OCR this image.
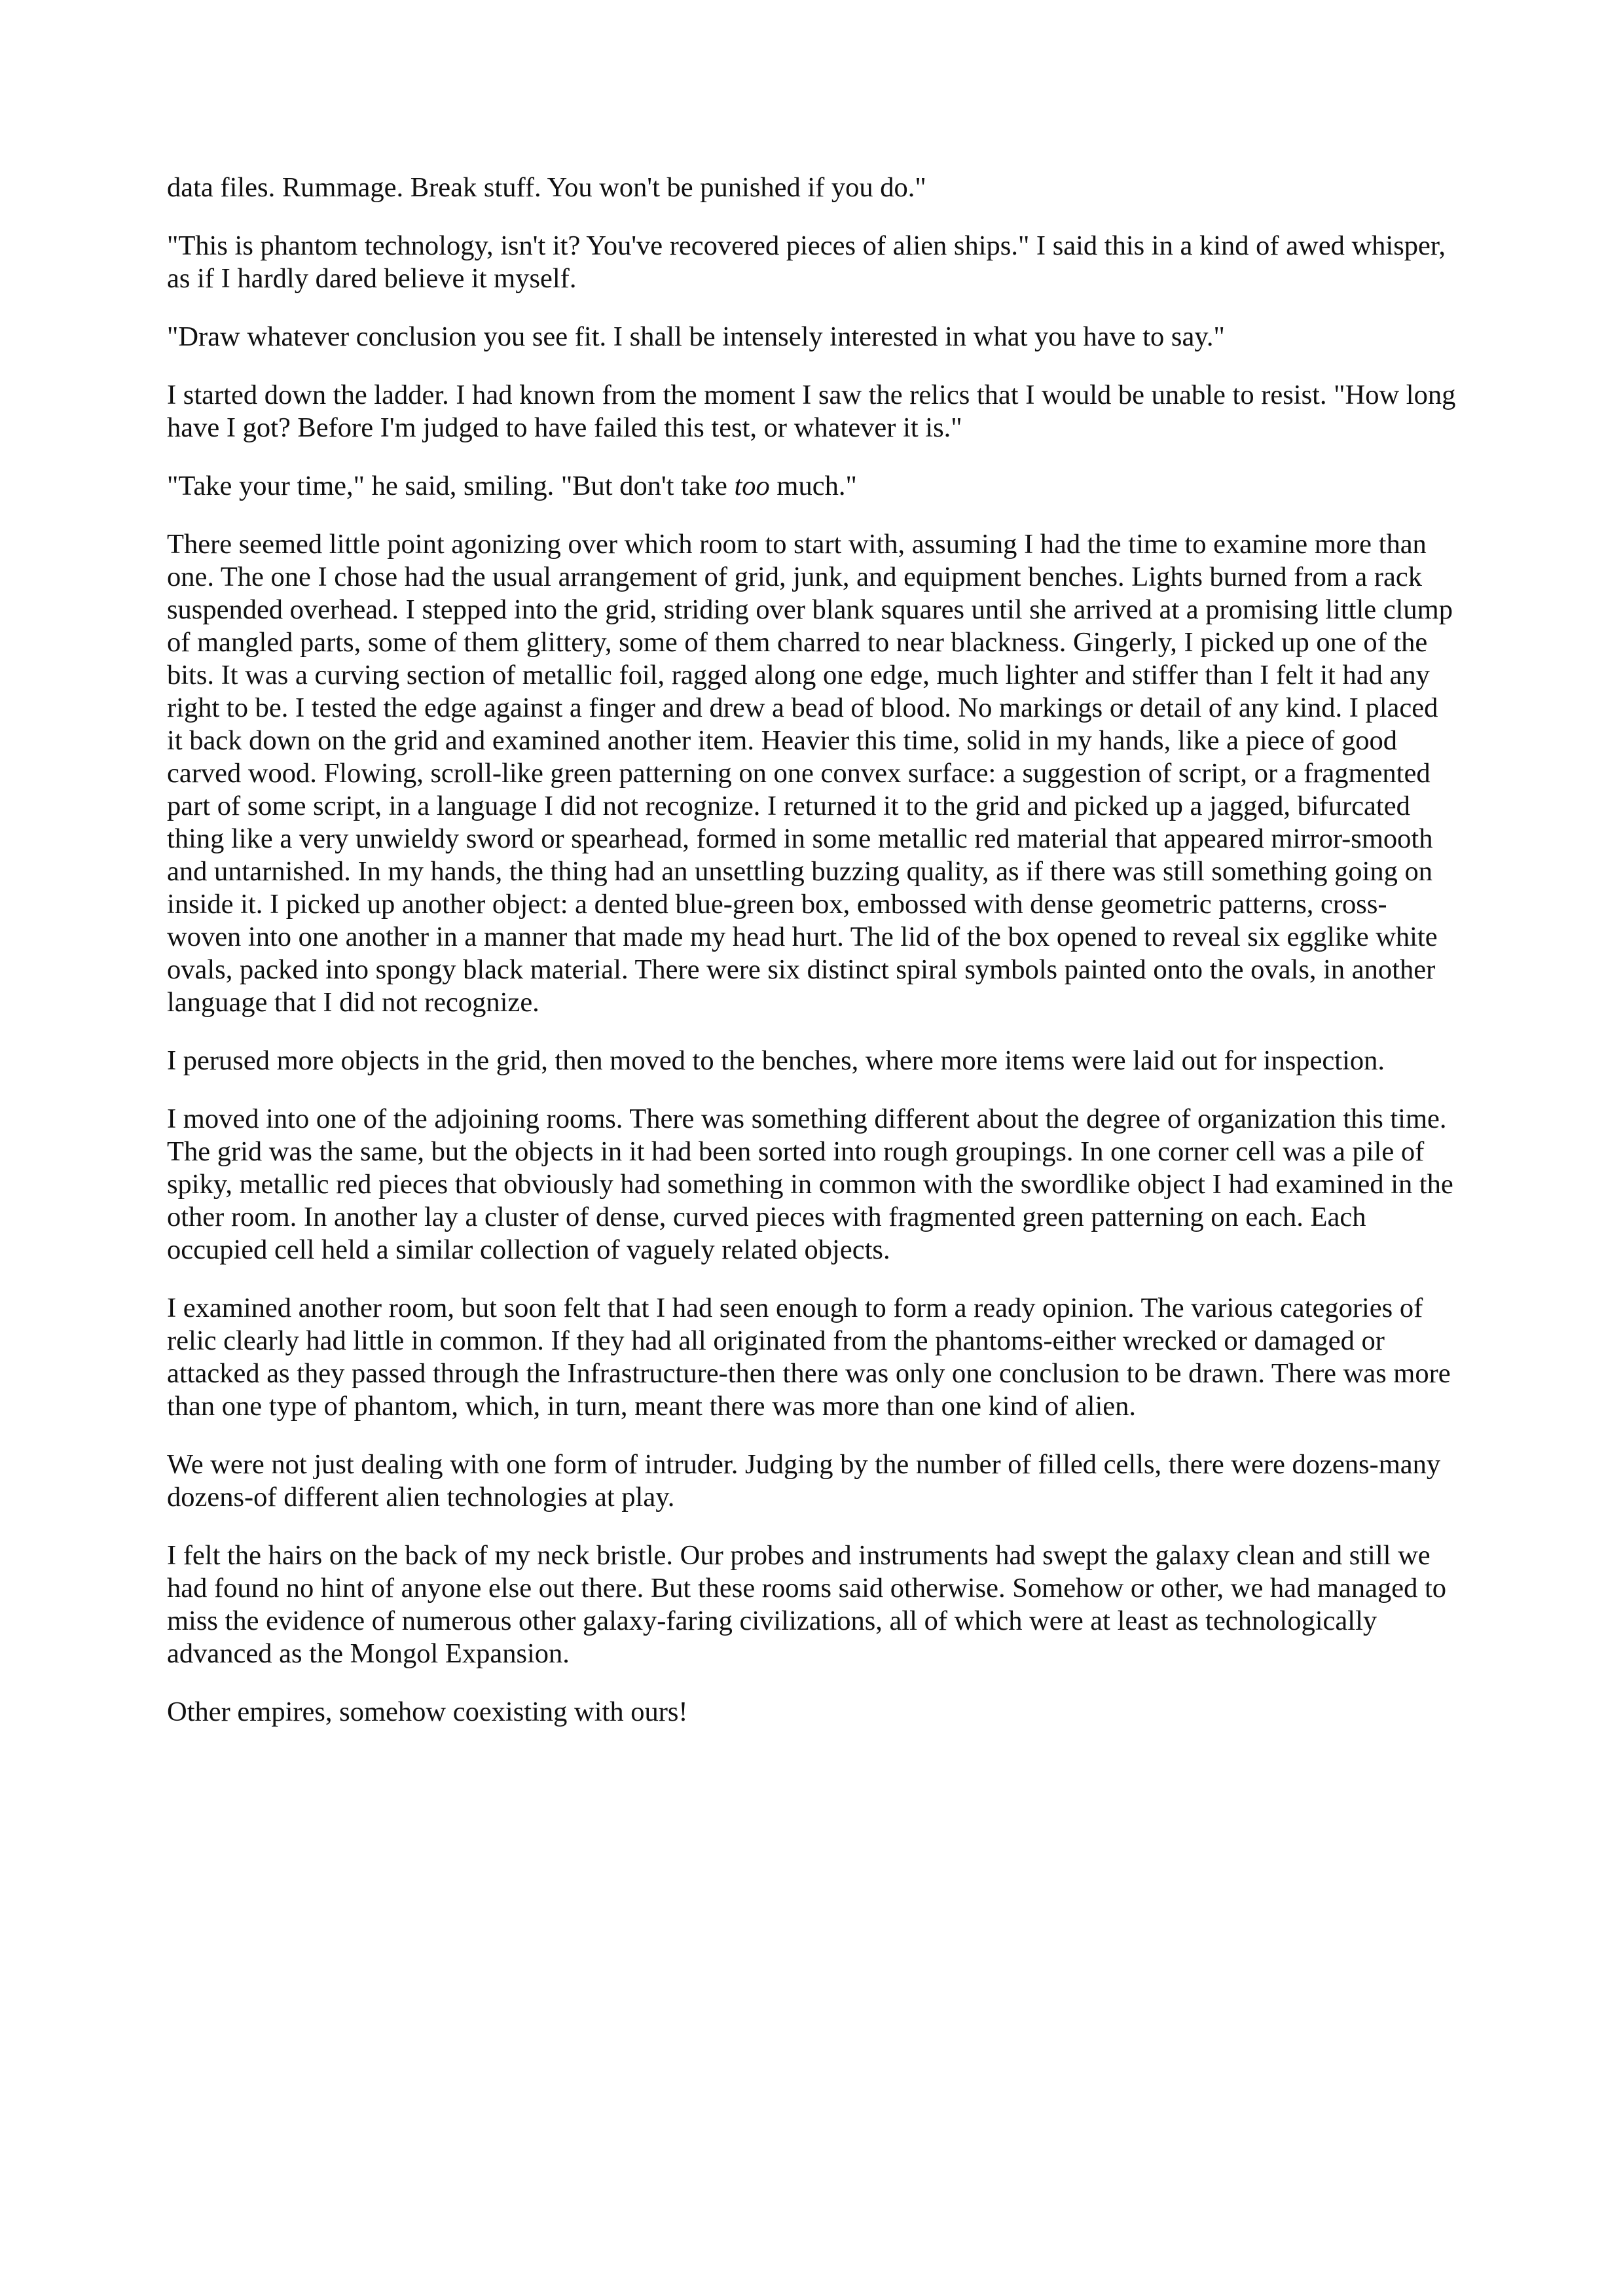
data files. Rummage. Break stuff. You won't be punished if you do."

"This is phantom technology, isn't it? You've recovered pieces of alien ships." I said this in a kind of awed whisper, as if I hardly dared believe it myself.

"Draw whatever conclusion you see fit. I shall be intensely interested in what you have to say."

I started down the ladder. I had known from the moment I saw the relics that I would be unable to resist. "How long have I got? Before I'm judged to have failed this test, or whatever it is."

"Take your time," he said, smiling. "But don't take too much."

There seemed little point agonizing over which room to start with, assuming I had the time to examine more than one. The one I chose had the usual arrangement of grid, junk, and equipment benches. Lights burned from a rack suspended overhead. I stepped into the grid, striding over blank squares until she arrived at a promising little clump of mangled parts, some of them glittery, some of them charred to near blackness. Gingerly, I picked up one of the bits. It was a curving section of metallic foil, ragged along one edge, much lighter and stiffer than I felt it had any right to be. I tested the edge against a finger and drew a bead of blood. No markings or detail of any kind. I placed it back down on the grid and examined another item. Heavier this time, solid in my hands, like a piece of good carved wood. Flowing, scroll-like green patterning on one convex surface: a suggestion of script, or a fragmented part of some script, in a language I did not recognize. I returned it to the grid and picked up a jagged, bifurcated thing like a very unwieldy sword or spearhead, formed in some metallic red material that appeared mirror-smooth and untarnished. In my hands, the thing had an unsettling buzzing quality, as if there was still something going on inside it. I picked up another object: a dented blue-green box, embossed with dense geometric patterns, cross-woven into one another in a manner that made my head hurt. The lid of the box opened to reveal six egglike white ovals, packed into spongy black material. There were six distinct spiral symbols painted onto the ovals, in another language that I did not recognize.

I perused more objects in the grid, then moved to the benches, where more items were laid out for inspection.

I moved into one of the adjoining rooms. There was something different about the degree of organization this time. The grid was the same, but the objects in it had been sorted into rough groupings. In one corner cell was a pile of spiky, metallic red pieces that obviously had something in common with the swordlike object I had examined in the other room. In another lay a cluster of dense, curved pieces with fragmented green patterning on each. Each occupied cell held a similar collection of vaguely related objects.

I examined another room, but soon felt that I had seen enough to form a ready opinion. The various categories of relic clearly had little in common. If they had all originated from the phantoms-either wrecked or damaged or attacked as they passed through the Infrastructure-then there was only one conclusion to be drawn. There was more than one type of phantom, which, in turn, meant there was more than one kind of alien.

We were not just dealing with one form of intruder. Judging by the number of filled cells, there were dozens-many dozens-of different alien technologies at play.

I felt the hairs on the back of my neck bristle. Our probes and instruments had swept the galaxy clean and still we had found no hint of anyone else out there. But these rooms said otherwise. Somehow or other, we had managed to miss the evidence of numerous other galaxy-faring civilizations, all of which were at least as technologically advanced as the Mongol Expansion.

Other empires, somehow coexisting with ours!
